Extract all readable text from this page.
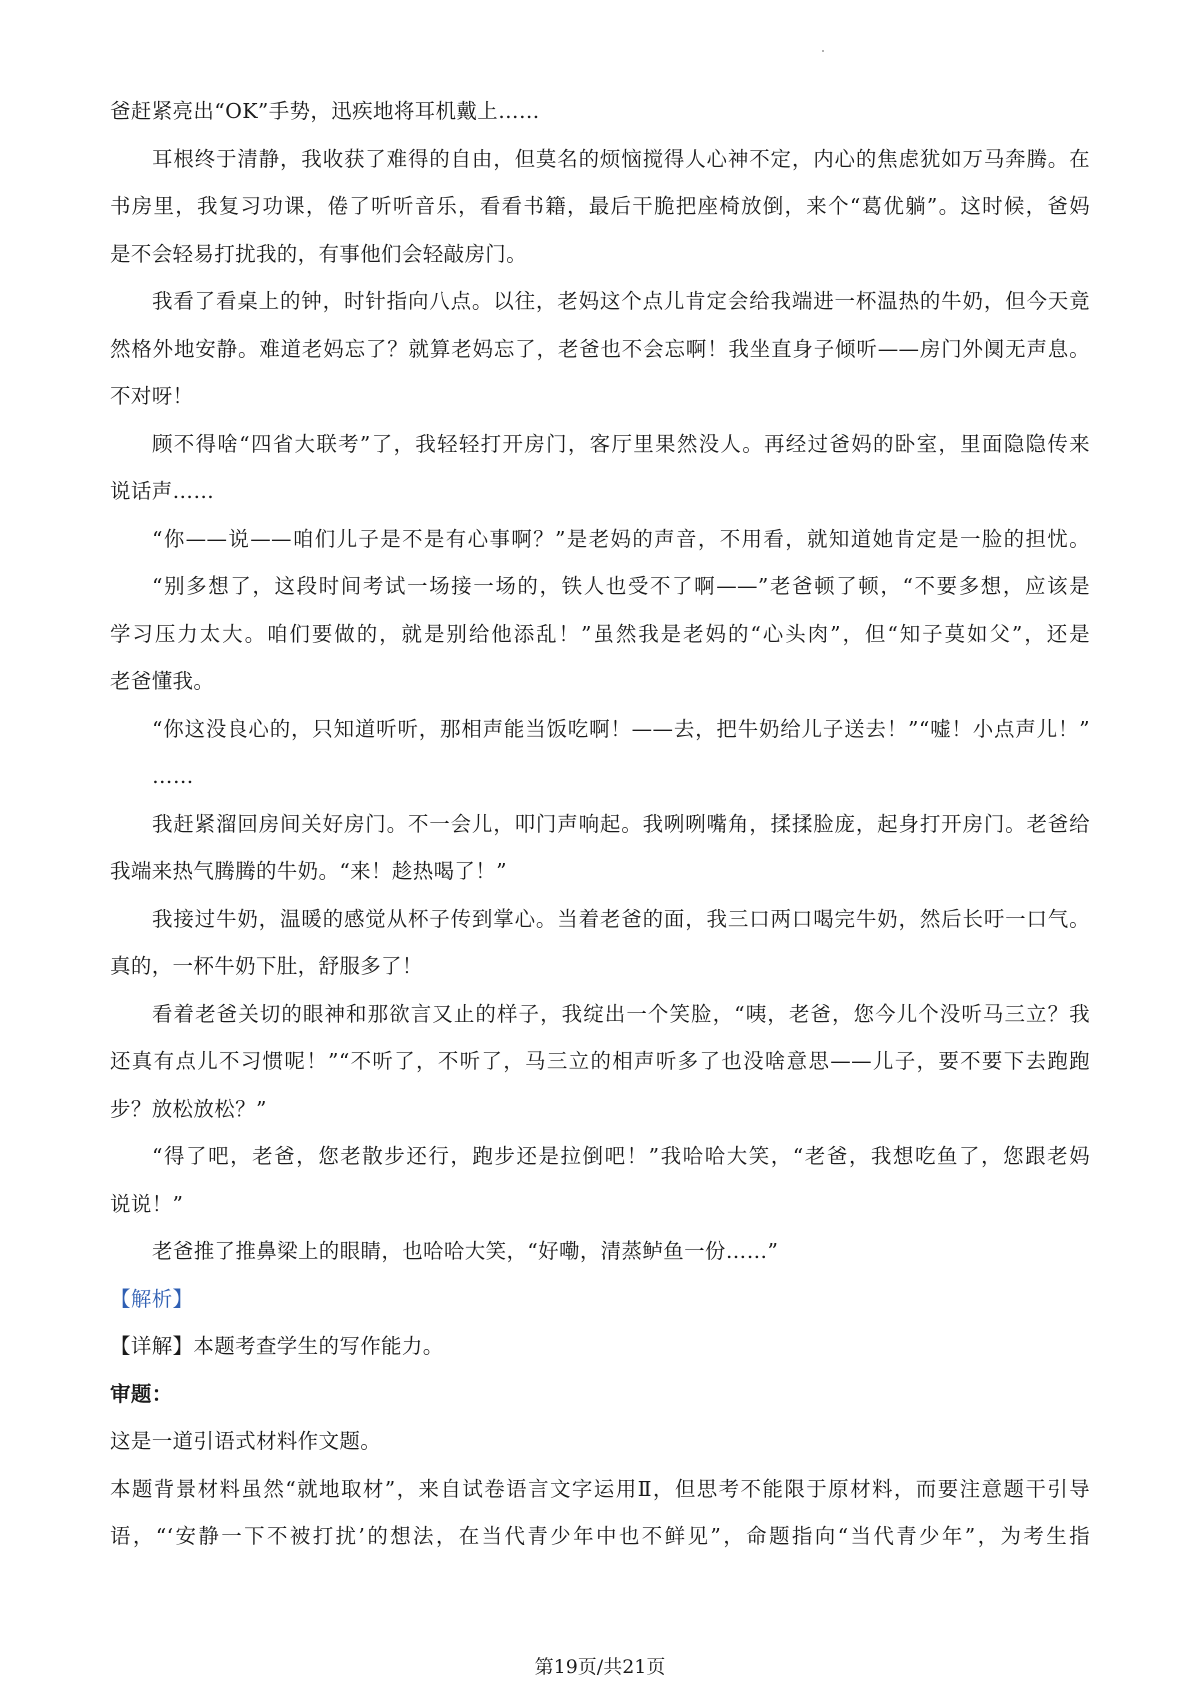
爸赶紧亮出“OK”手势，迅疾地将耳机戴上……
耳根终于清静，我收获了难得的自由，但莫名的烦恼搅得人心神不定，内心的焦虑犹如万马奔腾。在
书房里，我复习功课，倦了听听音乐，看看书籍，最后干脆把座椅放倒，来个“葛优躺”。这时候，爸妈
是不会轻易打扰我的，有事他们会轻敲房门。
我看了看桌上的钟，时针指向八点。以往，老妈这个点儿肯定会给我端进一杯温热的牛奶，但今天竟
然格外地安静。难道老妈忘了？就算老妈忘了，老爸也不会忘啊！我坐直身子倾听——房门外阒无声息。
不对呀！
顾不得啥“四省大联考”了，我轻轻打开房门，客厅里果然没人。再经过爸妈的卧室，里面隐隐传来
说话声……
“你——说——咱们儿子是不是有心事啊？”是老妈的声音，不用看，就知道她肯定是一脸的担忧。
“别多想了，这段时间考试一场接一场的，铁人也受不了啊——”老爸顿了顿，“不要多想，应该是
学习压力太大。咱们要做的，就是别给他添乱！”虽然我是老妈的“心头肉”，但“知子莫如父”，还是
老爸懂我。
“你这没良心的，只知道听听，那相声能当饭吃啊！——去，把牛奶给儿子送去！”“嘘！小点声儿！”
……
我赶紧溜回房间关好房门。不一会儿，叩门声响起。我咧咧嘴角，揉揉脸庞，起身打开房门。老爸给
我端来热气腾腾的牛奶。“来！趁热喝了！”
我接过牛奶，温暖的感觉从杯子传到掌心。当着老爸的面，我三口两口喝完牛奶，然后长吁一口气。
真的，一杯牛奶下肚，舒服多了！
看着老爸关切的眼神和那欲言又止的样子，我绽出一个笑脸，“咦，老爸，您今儿个没听马三立？我
还真有点儿不习惯呢！”“不听了，不听了，马三立的相声听多了也没啥意思——儿子，要不要下去跑跑
步？放松放松？”
“得了吧，老爸，您老散步还行，跑步还是拉倒吧！”我哈哈大笑，“老爸，我想吃鱼了，您跟老妈
说说！”
老爸推了推鼻梁上的眼睛，也哈哈大笑，“好嘞，清蒸鲈鱼一份……”
【解析】
【详解】本题考查学生的写作能力。
审题：
这是一道引语式材料作文题。
本题背景材料虽然“就地取材”，来自试卷语言文字运用Ⅱ，但思考不能限于原材料，而要注意题干引导
语，“‘安静一下不被打扰’的想法，在当代青少年中也不鲜见”，命题指向“当代青少年”，为考生指
第19页/共21页
